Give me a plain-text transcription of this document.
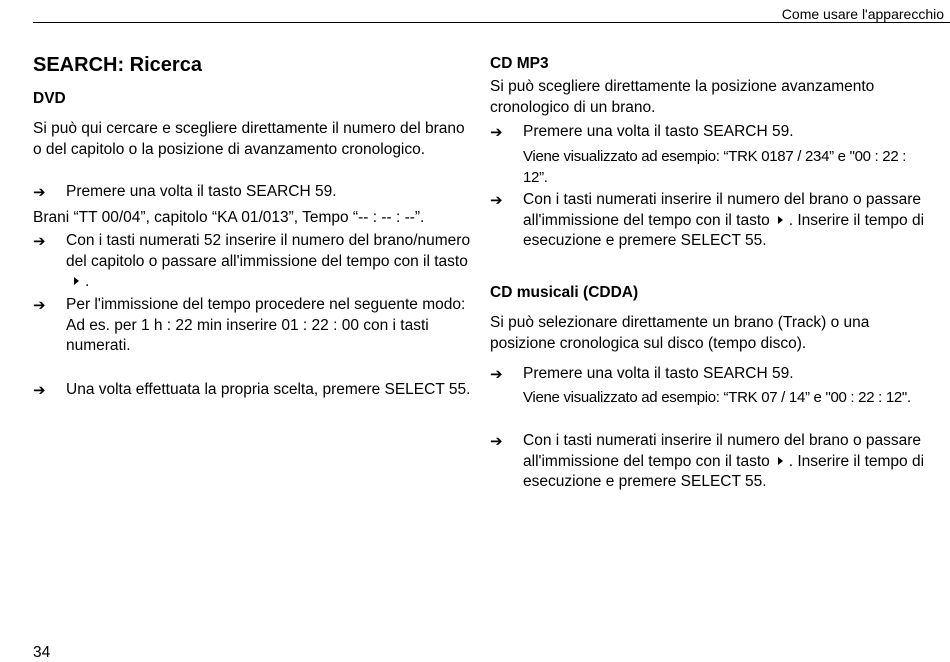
Come usare l'apparecchio
SEARCH: Ricerca
DVD
Si può qui cercare e scegliere direttamente il numero del brano o del capitolo o la posizione di avanzamento cronologico.
➔	Premere una volta il tasto SEARCH 59.
Brani “TT 00/04”, capitolo “KA 01/013”, Tempo “-- : -- : --”.
➔	Con i tasti numerati 52 inserire il numero del brano/numero del capitolo o passare all'immissione del tempo con il tasto.
➔	Per l'immissione del tempo procedere nel seguente modo:
Ad es. per 1 h : 22 min inserire 01 : 22 : 00 con i tasti numerati.
➔	Una volta effettuata la propria scelta, premere SELECT 55.
CD MP3
Si può scegliere direttamente la posizione avanzamento cronologico di un brano.
➔	Premere una volta il tasto SEARCH 59.
Viene visualizzato ad esempio: “TRK 0187 / 234” e "00 : 22 : 12”.
➔	Con i tasti numerati inserire il numero del brano o passare all'immissione del tempo con il tasto . Inserire il tempo di esecuzione e premere SELECT 55.
CD musicali (CDDA)
Si può selezionare direttamente un brano (Track) o una posizione cronologica sul disco (tempo disco).
➔	Premere una volta il tasto SEARCH 59.
Viene visualizzato ad esempio: “TRK 07 / 14” e "00 : 22 : 12".
➔	Con i tasti numerati inserire il numero del brano o passare all'immissione del tempo con il tasto . Inserire il tempo di esecuzione e premere SELECT 55.
34
